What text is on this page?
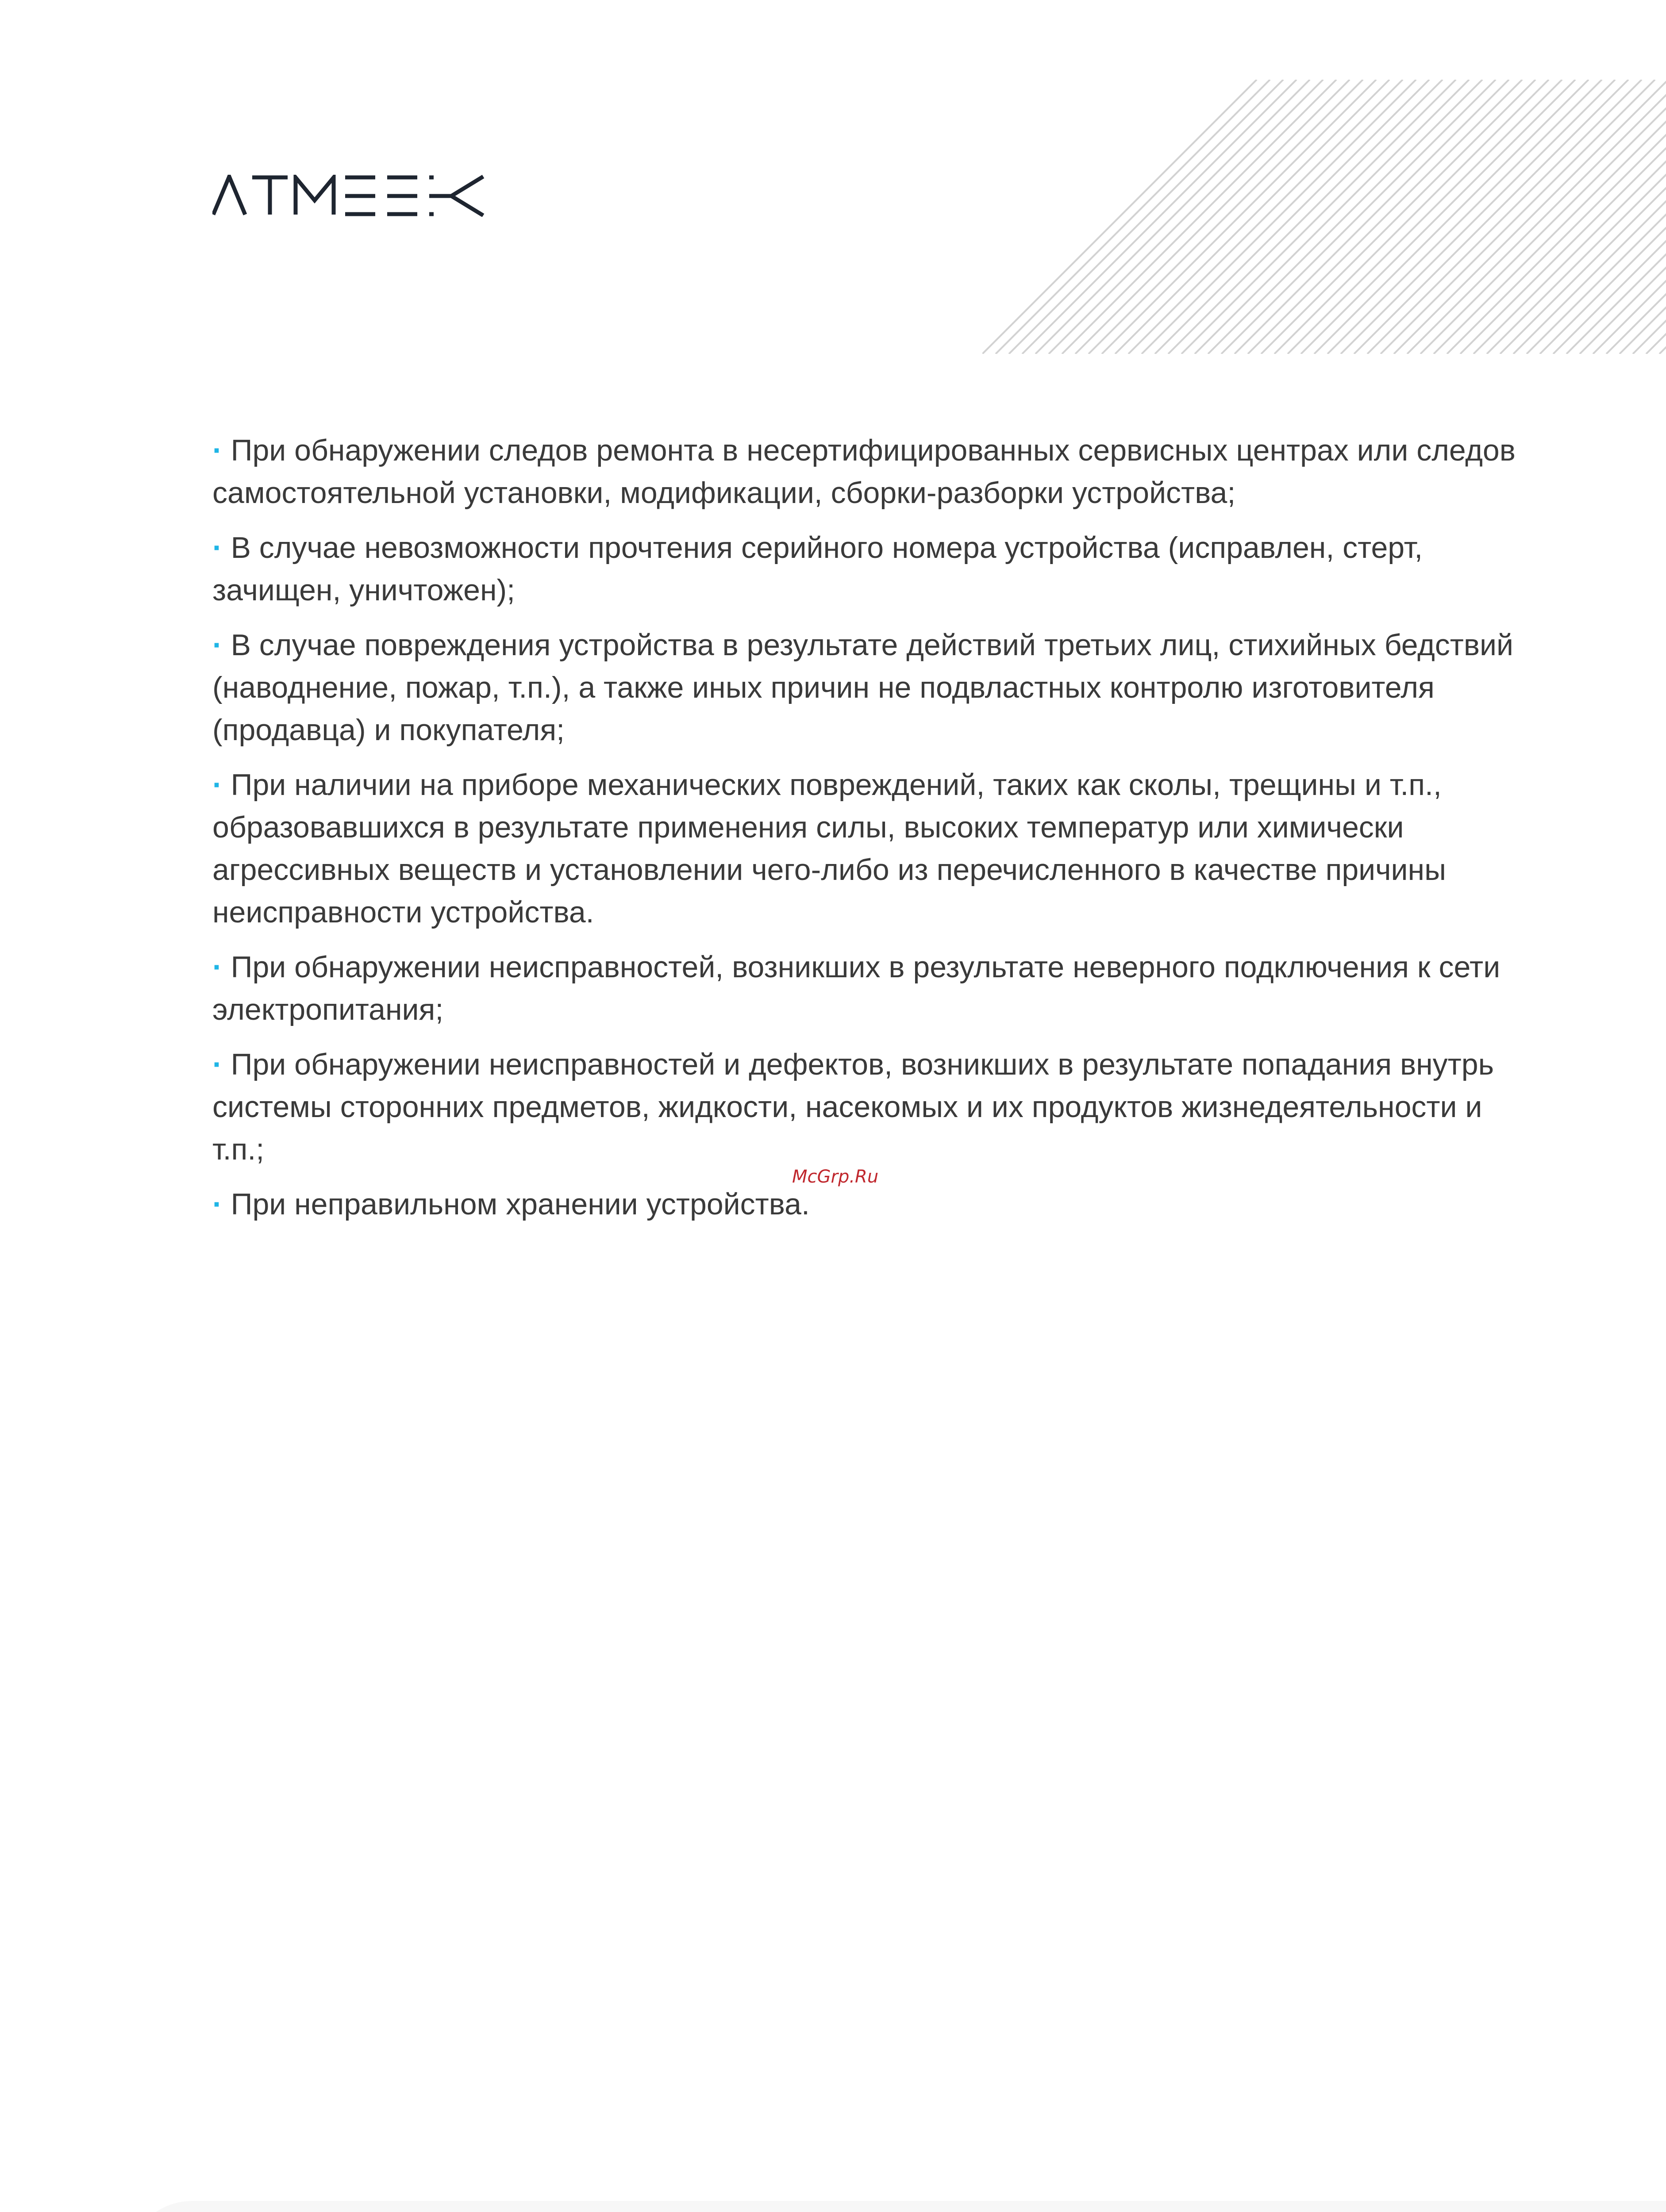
· При обнаружении следов ремонта в несертифицированных сервисных центрах или следов самостоятельной установки, модификации, сборки-разборки устройства;

· В случае невозможности прочтения серийного номера устройства (исправлен, стерт, зачищен, уничтожен);

· В случае повреждения устройства в результате действий третьих лиц, стихийных бедствий (наводнение, пожар, т.п.), а также иных причин не подвластных контролю изготовителя (продавца) и покупателя;

· При наличии на приборе механических повреждений, таких как сколы, трещины и т.п., образовавшихся в результате применения силы, высоких температур или химически агрессивных веществ и установлении чего-либо из перечисленного в качестве причины неисправности устройства.

· При обнаружении неисправностей, возникших в результате неверного подключения к сети электропитания;

· При обнаружении неисправностей и дефектов, возникших в результате попадания внутрь системы сторонних предметов, жидкости, насекомых и их продуктов жизнедеятельности и т.п.;

· При неправильном хранении устройства.

McGrp.Ru
